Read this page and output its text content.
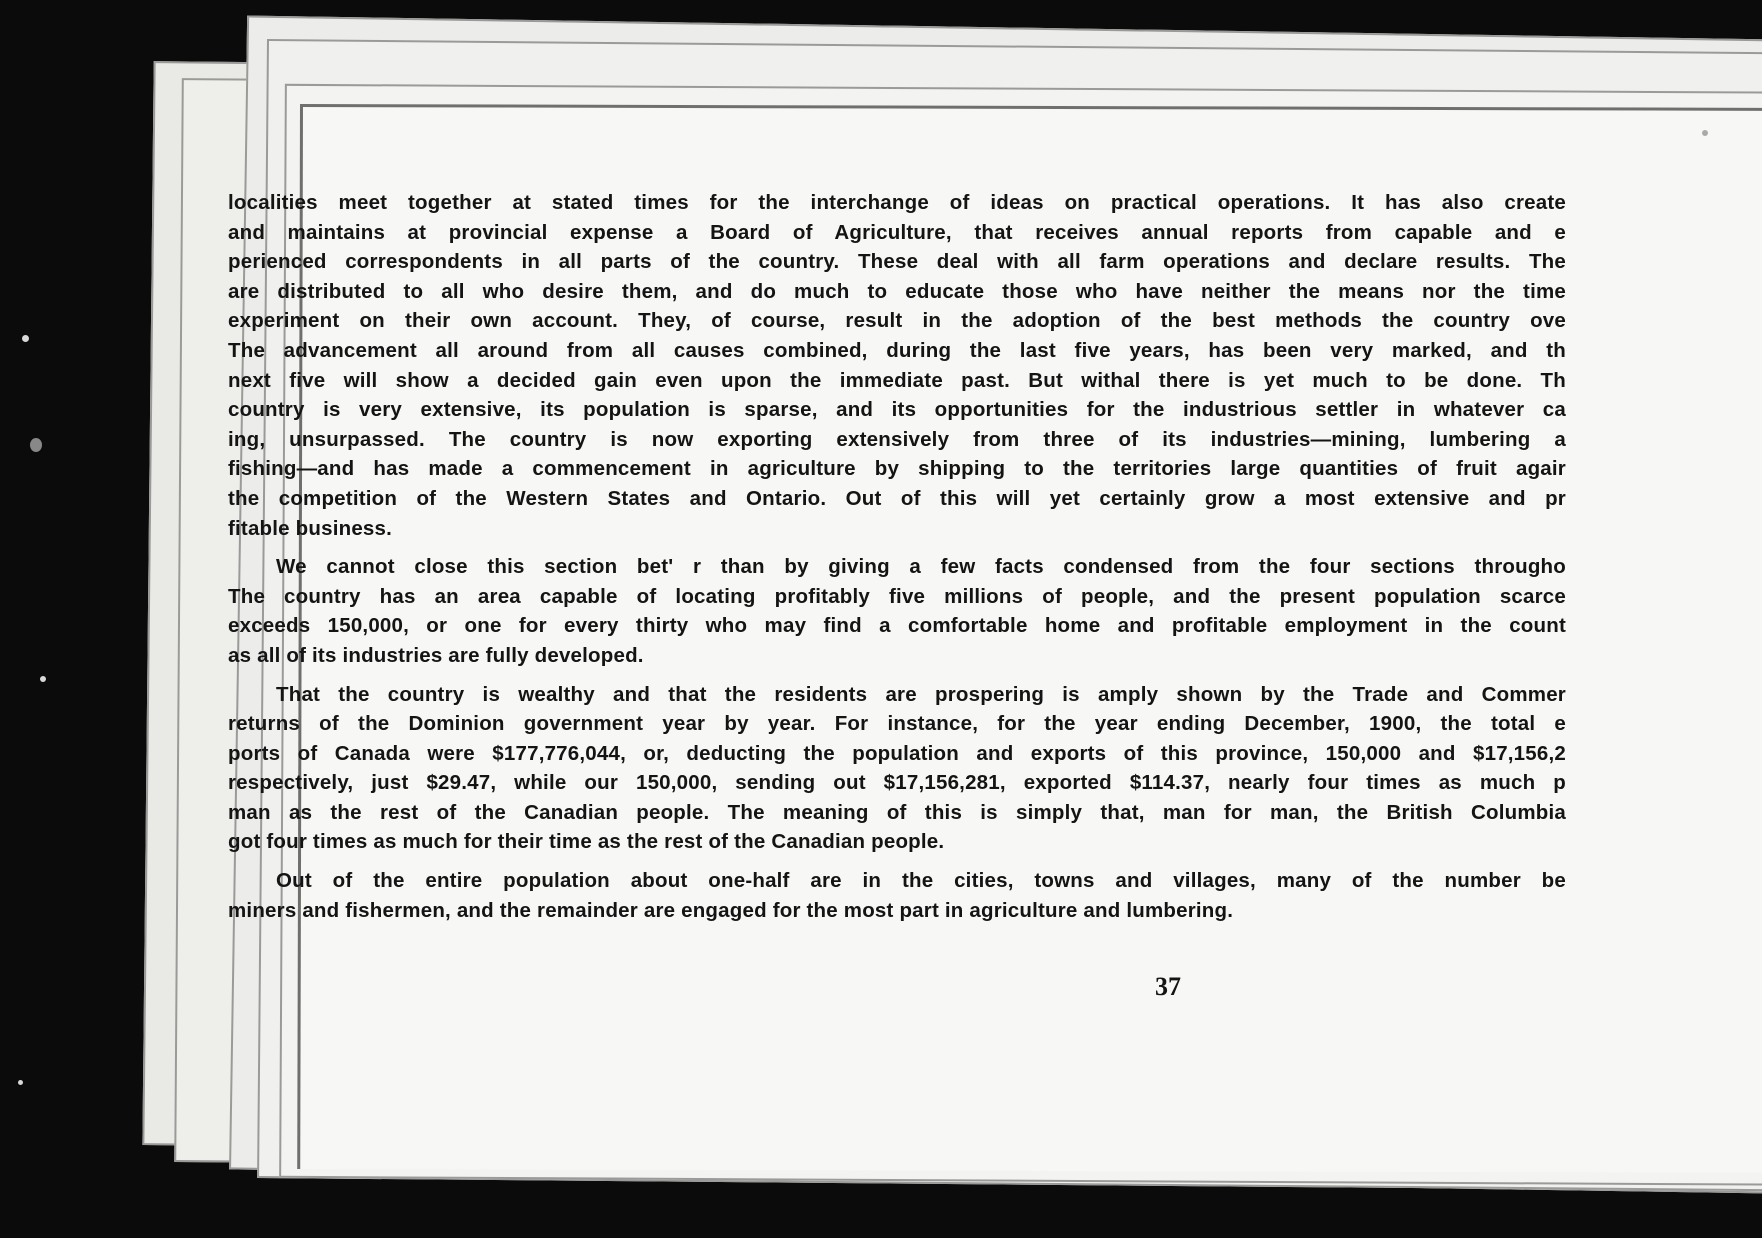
localities meet together at stated times for the interchange of ideas on practical operations. It has also create
and maintains at provincial expense a Board of Agriculture, that receives annual reports from capable and e
perienced correspondents in all parts of the country. These deal with all farm operations and declare results. The
are distributed to all who desire them, and do much to educate those who have neither the means nor the time
experiment on their own account. They, of course, result in the adoption of the best methods the country ove
The advancement all around from all causes combined, during the last five years, has been very marked, and th
next five will show a decided gain even upon the immediate past. But withal there is yet much to be done. Th
country is very extensive, its population is sparse, and its opportunities for the industrious settler in whatever ca
ing, unsurpassed. The country is now exporting extensively from three of its industries—mining, lumbering a
fishing—and has made a commencement in agriculture by shipping to the territories large quantities of fruit agair
the competition of the Western States and Ontario. Out of this will yet certainly grow a most extensive and pr
fitable business.
We cannot close this section bet' r than by giving a few facts condensed from the four sections througho
The country has an area capable of locating profitably five millions of people, and the present population scarce
exceeds 150,000, or one for every thirty who may find a comfortable home and profitable employment in the count
as all of its industries are fully developed.
That the country is wealthy and that the residents are prospering is amply shown by the Trade and Commer
returns of the Dominion government year by year. For instance, for the year ending December, 1900, the total e
ports of Canada were $177,776,044, or, deducting the population and exports of this province, 150,000 and $17,156,2
respectively, just $29.47, while our 150,000, sending out $17,156,281, exported $114.37, nearly four times as much p
man as the rest of the Canadian people. The meaning of this is simply that, man for man, the British Columbia
got four times as much for their time as the rest of the Canadian people.
Out of the entire population about one-half are in the cities, towns and villages, many of the number be
miners and fishermen, and the remainder are engaged for the most part in agriculture and lumbering.
37
